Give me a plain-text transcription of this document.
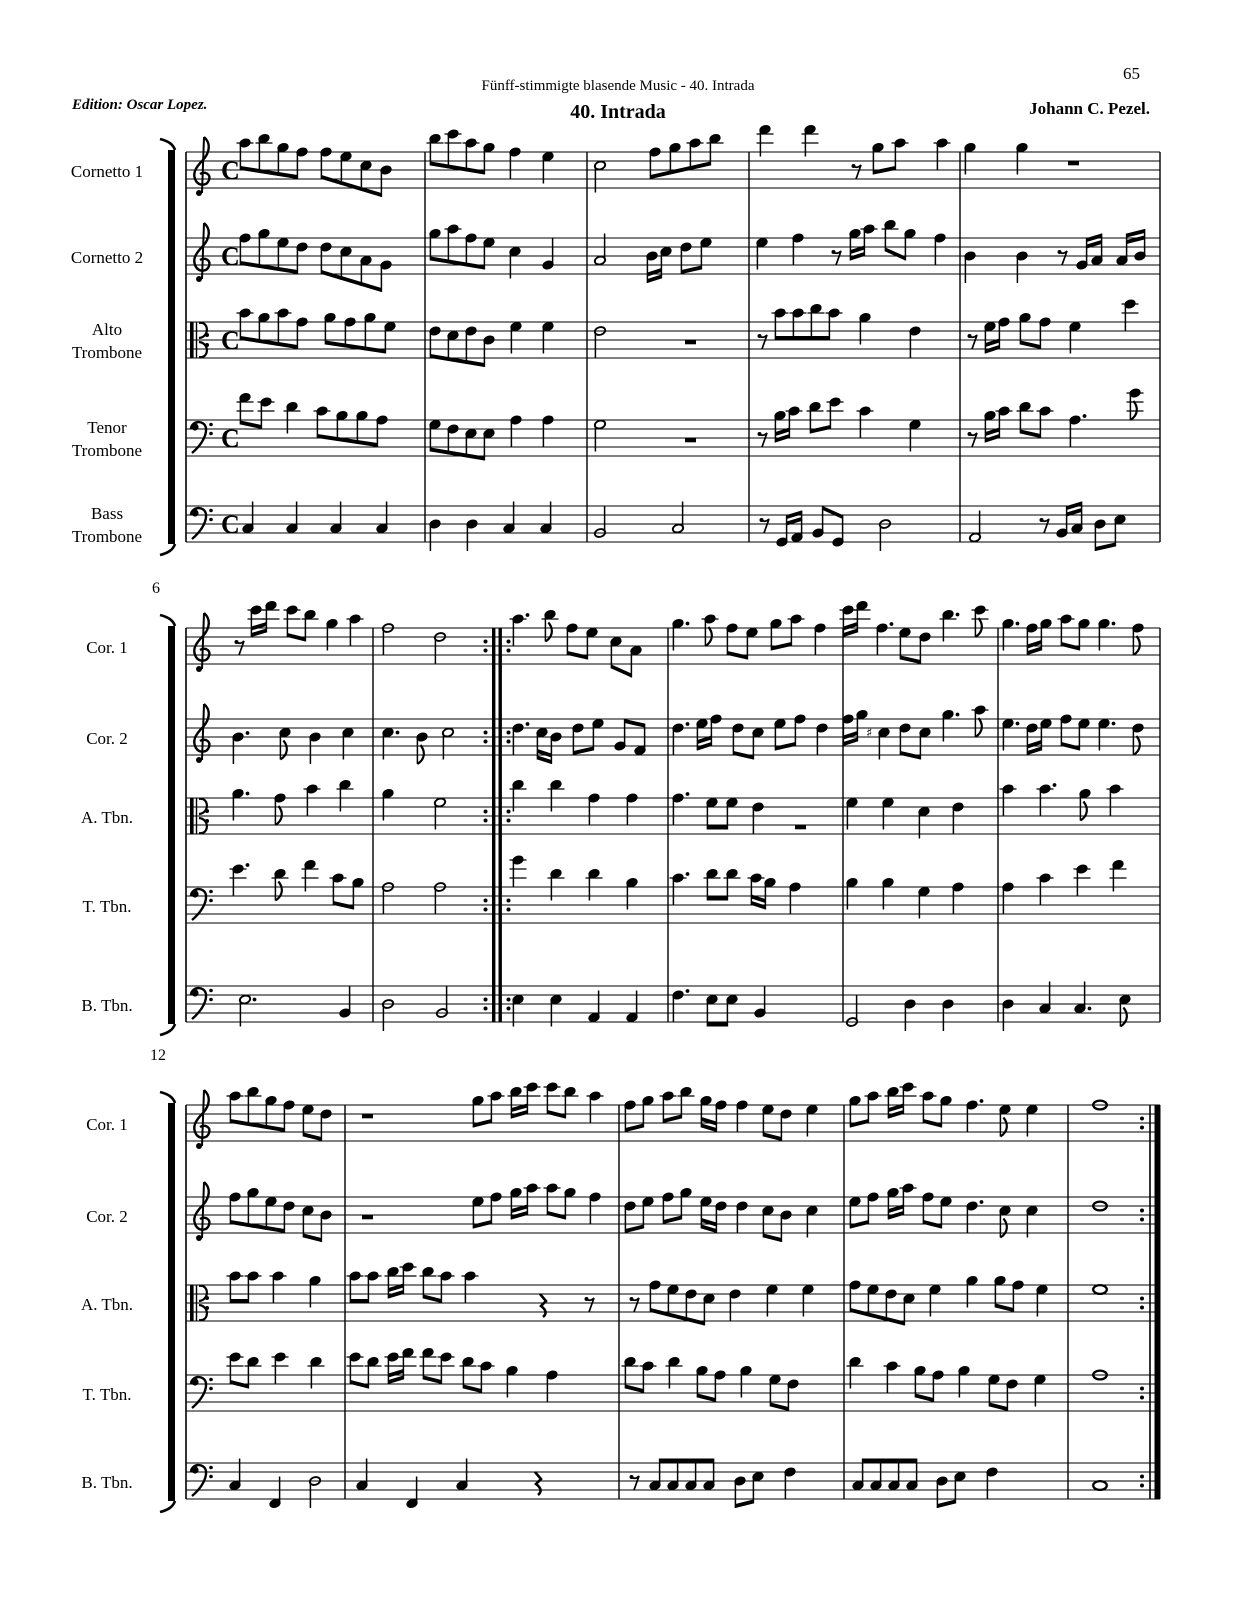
65
Fünff-stimmigte blasende Music - 40. Intrada
Edition: Oscar Lopez.	40. Intrada	Johann C. Pezel.
6
12
Cornetto 1
Cornetto 2
Alto
Trombone
Tenor
Trombone
Bass
Trombone
Cor. 1
Cor. 2
A. Tbn.
T. Tbn.
B. Tbn.
Cor. 1
Cor. 2
A. Tbn.
T. Tbn.
B. Tbn.
C
C
C
C
C
♯
